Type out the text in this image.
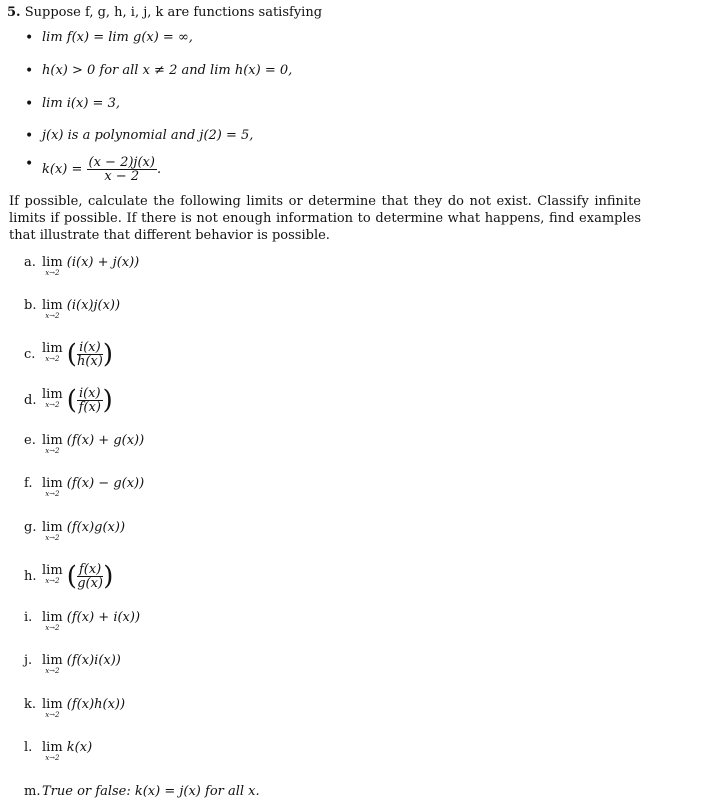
5. Suppose f, g, h, i, j, k are functions satisfying
• lim f(x) = lim g(x) = ∞,
• h(x) > 0 for all x ≠ 2 and lim h(x) = 0,
• lim i(x) = 3,
• j(x) is a polynomial and j(2) = 5,
• $k(x) = \frac{(x - 2)j(x)}{x - 2}$ .
If possible, calculate the following limits or determine that they do not exist. Classify infinite limits if possible. If there is not enough information to determine what happens, find examples that illustrate that different behavior is possible.
a. lim
x→2
(i(x) + j(x))
b. lim
x→2
(i(x)j(x))
c. lim
x→2 ( $\frac{i(x)}{h(x)}$ )
d. lim
x→2 ( $\frac{i(x)}{f(x)}$ )
e. lim
x→2
(f(x) + g(x))
f. lim
x→2
(f(x) − g(x))
g. lim
x→2
(f(x)g(x))
h. lim
x→2 ( $\frac{f(x)}{g(x)}$ )
i. lim
x→2
(f(x) + i(x))
j. lim
x→2
(f(x)i(x))
k. lim
x→2
(f(x)h(x))
l. lim
x→2
k(x)
m. True or false: k(x) = j(x) for all x.
